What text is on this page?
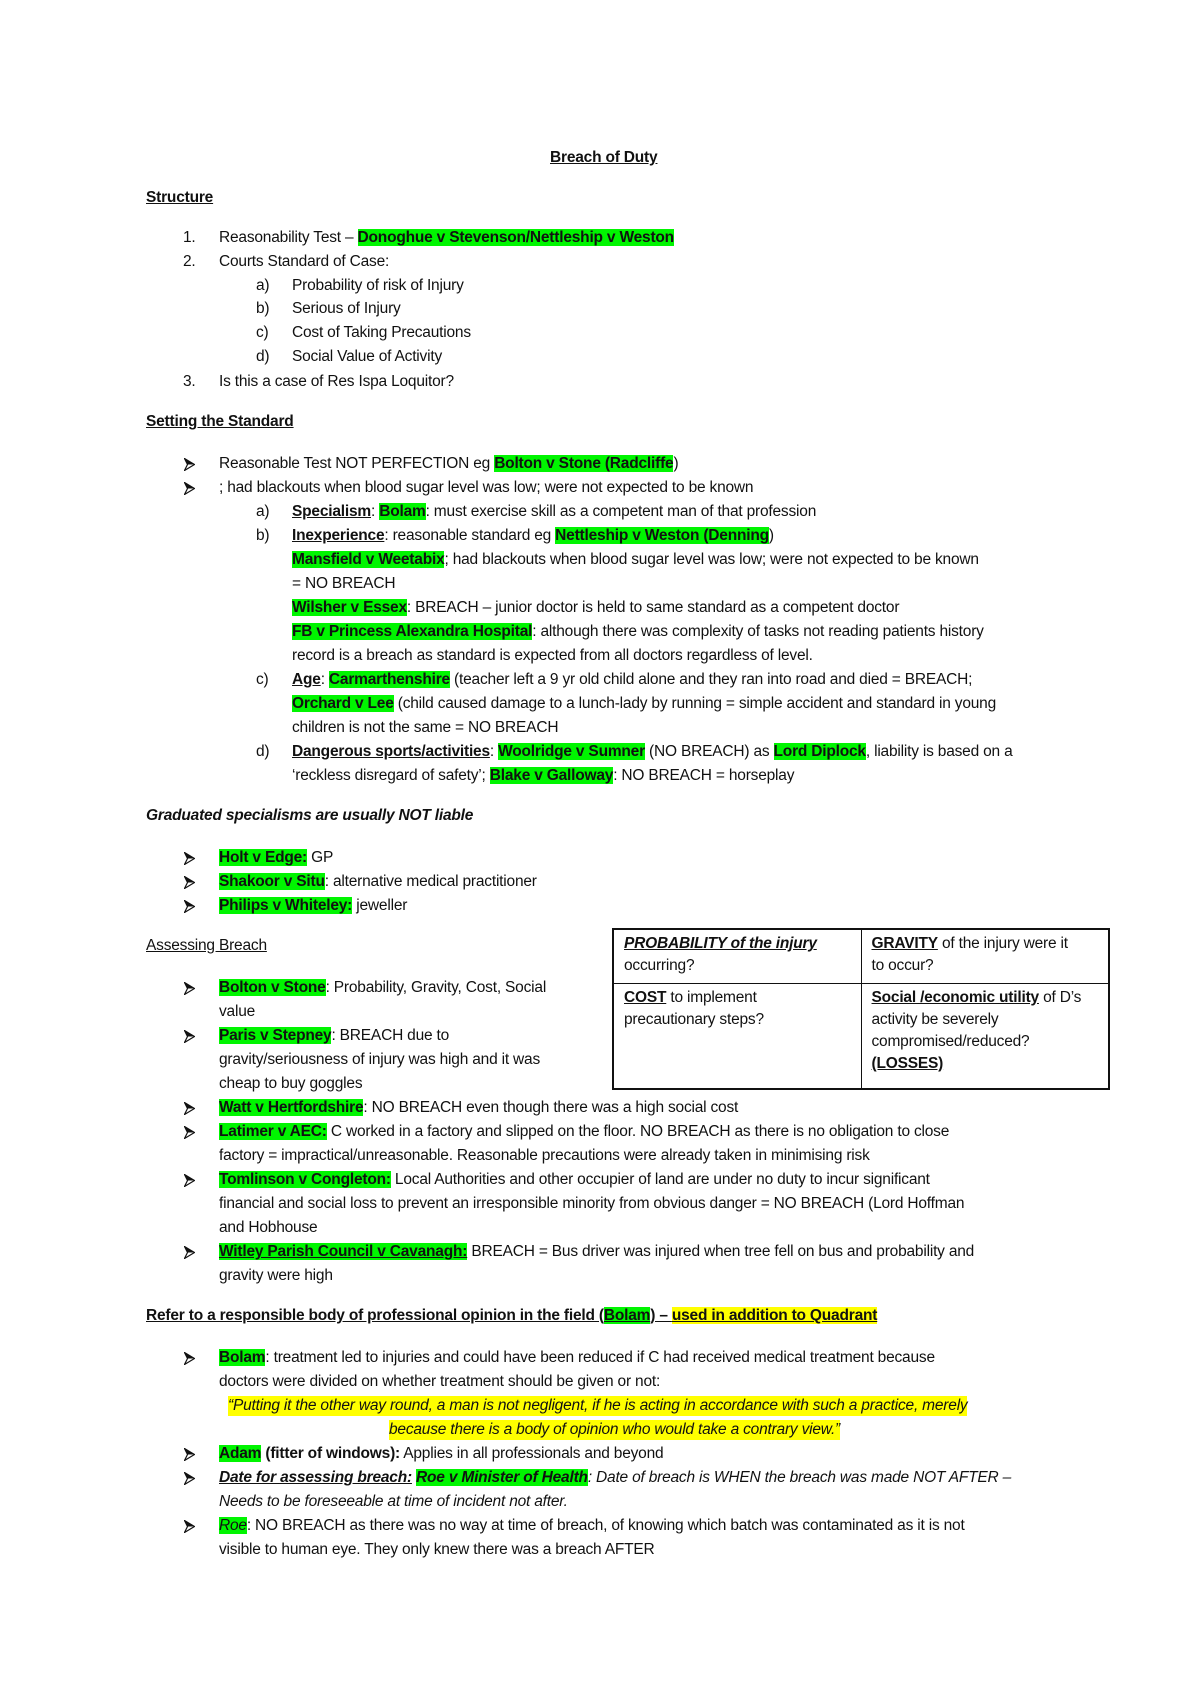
Breach of Duty
Structure
1. Reasonability Test – Donoghue v Stevenson/Nettleship v Weston
2. Courts Standard of Case:
a) Probability of risk of Injury
b) Serious of Injury
c) Cost of Taking Precautions
d) Social Value of Activity
3. Is this a case of Res Ispa Loquitor?
Setting the Standard
Reasonable Test NOT PERFECTION eg Bolton v Stone (Radcliffe)
; had blackouts when blood sugar level was low; were not expected to be known
a) Specialism: Bolam: must exercise skill as a competent man of that profession
b) Inexperience: reasonable standard eg Nettleship v Weston (Denning)
Mansfield v Weetabix; had blackouts when blood sugar level was low; were not expected to be known
= NO BREACH
Wilsher v Essex: BREACH – junior doctor is held to same standard as a competent doctor
FB v Princess Alexandra Hospital: although there was complexity of tasks not reading patients history
record is a breach as standard is expected from all doctors regardless of level.
c) Age: Carmarthenshire (teacher left a 9 yr old child alone and they ran into road and died = BREACH;
Orchard v Lee (child caused damage to a lunch-lady by running = simple accident and standard in young
children is not the same = NO BREACH
d) Dangerous sports/activities: Woolridge v Sumner (NO BREACH) as Lord Diplock, liability is based on a
‘reckless disregard of safety’; Blake v Galloway: NO BREACH = horseplay
Graduated specialisms are usually NOT liable
Holt v Edge: GP
Shakoor v Situ: alternative medical practitioner
Philips v Whiteley: jeweller
Assessing Breach
Bolton v Stone: Probability, Gravity, Cost, Social
value
Paris v Stepney: BREACH due to
gravity/seriousness of injury was high and it was
cheap to buy goggles
Watt v Hertfordshire: NO BREACH even though there was a high social cost
Latimer v AEC: C worked in a factory and slipped on the floor. NO BREACH as there is no obligation to close
factory = impractical/unreasonable. Reasonable precautions were already taken in minimising risk
Tomlinson v Congleton: Local Authorities and other occupier of land are under no duty to incur significant
financial and social loss to prevent an irresponsible minority from obvious danger = NO BREACH (Lord Hoffman
and Hobhouse
Witley Parish Council v Cavanagh: BREACH = Bus driver was injured when tree fell on bus and probability and
gravity were high
PROBABILITY of the injury
occurring?	GRAVITY of the injury were it
to occur?
COST to implement
precautionary steps?	Social /economic utility of D’s
activity be severely
compromised/reduced?
(LOSSES)
Refer to a responsible body of professional opinion in the field (Bolam) – used in addition to Quadrant
Bolam: treatment led to injuries and could have been reduced if C had received medical treatment because
doctors were divided on whether treatment should be given or not:
“Putting it the other way round, a man is not negligent, if he is acting in accordance with such a practice, merely
because there is a body of opinion who would take a contrary view.”
Adam (fitter of windows): Applies in all professionals and beyond
Date for assessing breach: Roe v Minister of Health: Date of breach is WHEN the breach was made NOT AFTER –
Needs to be foreseeable at time of incident not after.
Roe: NO BREACH as there was no way at time of breach, of knowing which batch was contaminated as it is not
visible to human eye. They only knew there was a breach AFTER
